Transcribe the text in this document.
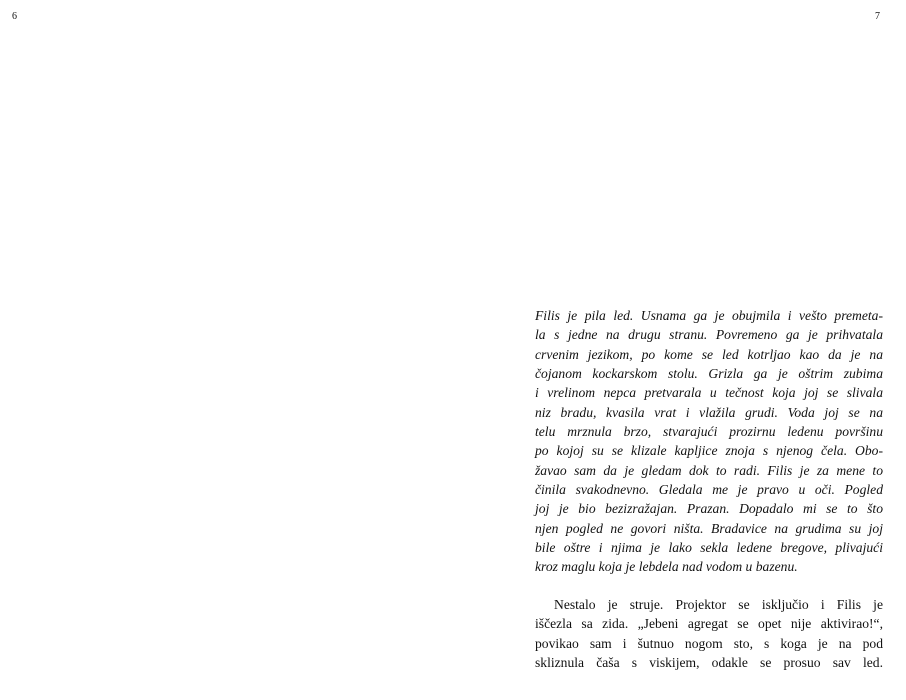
6	7
Filis je pila led. Usnama ga je obujmila i vešto premeta-
la s jedne na drugu stranu. Povremeno ga je prihvatala
crvenim jezikom, po kome se led kotrljao kao da je na
čojanom kockarskom stolu. Grizla ga je oštrim zubima
i vrelinom nepca pretvarala u tečnost koja joj se slivala
niz bradu, kvasila vrat i vlažila grudi. Voda joj se na
telu mrznula brzo, stvarajući prozirnu ledenu površinu
po kojoj su se klizale kapljice znoja s njenog čela. Obo-
žavao sam da je gledam dok to radi. Filis je za mene to
činila svakodnevno. Gledala me je pravo u oči. Pogled
joj je bio bezizražajan. Prazan. Dopadalo mi se to što
njen pogled ne govori ništa. Bradavice na grudima su joj
bile oštre i njima je lako sekla ledene bregove, plivajući
kroz maglu koja je lebdela nad vodom u bazenu.
Nestalo je struje. Projektor se isključio i Filis je
iščezla sa zida. „Jebeni agregat se opet nije aktivirao!“,
povikao sam i šutnuo nogom sto, s koga je na pod
skliznula čaša s viskijem, odakle se prosuo sav led.
